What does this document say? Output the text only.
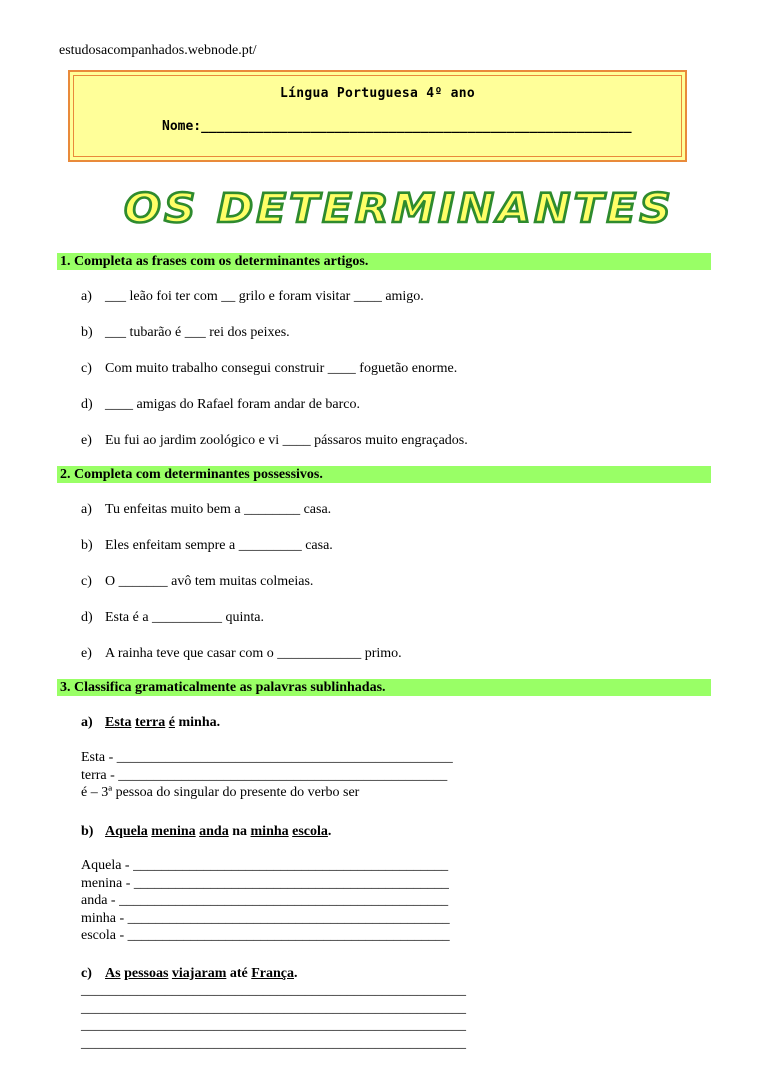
estudosacompanhados.webnode.pt/
Língua Portuguesa 4º ano
Nome:_______________________________________________________
OS DETERMINANTES
1. Completa as frases com os determinantes artigos.
a) ___ leão foi ter com __ grilo e foram visitar ____ amigo.
b) ___ tubarão é ___ rei dos peixes.
c) Com muito trabalho consegui construir ____ foguetão enorme.
d) ____ amigas do Rafael foram andar de barco.
e) Eu fui ao jardim zoológico e vi ____ pássaros muito engraçados.
2. Completa com determinantes possessivos.
a) Tu enfeitas muito bem a ________ casa.
b) Eles enfeitam sempre a _________ casa.
c) O _______ avô tem muitas colmeias.
d) Esta é a __________ quinta.
e) A rainha teve que casar com o ____________ primo.
3. Classifica gramaticalmente as palavras sublinhadas.
a) Esta terra é minha.
Esta - ________________________________________________
terra - _______________________________________________
é – 3ª pessoa do singular do presente do verbo ser
b) Aquela menina anda na minha escola.
Aquela - _____________________________________________
menina - _____________________________________________
anda - _______________________________________________
minha - ______________________________________________
escola - ______________________________________________
c) As pessoas viajaram até França.
_______________________________________________________
_______________________________________________________
_______________________________________________________
_______________________________________________________
